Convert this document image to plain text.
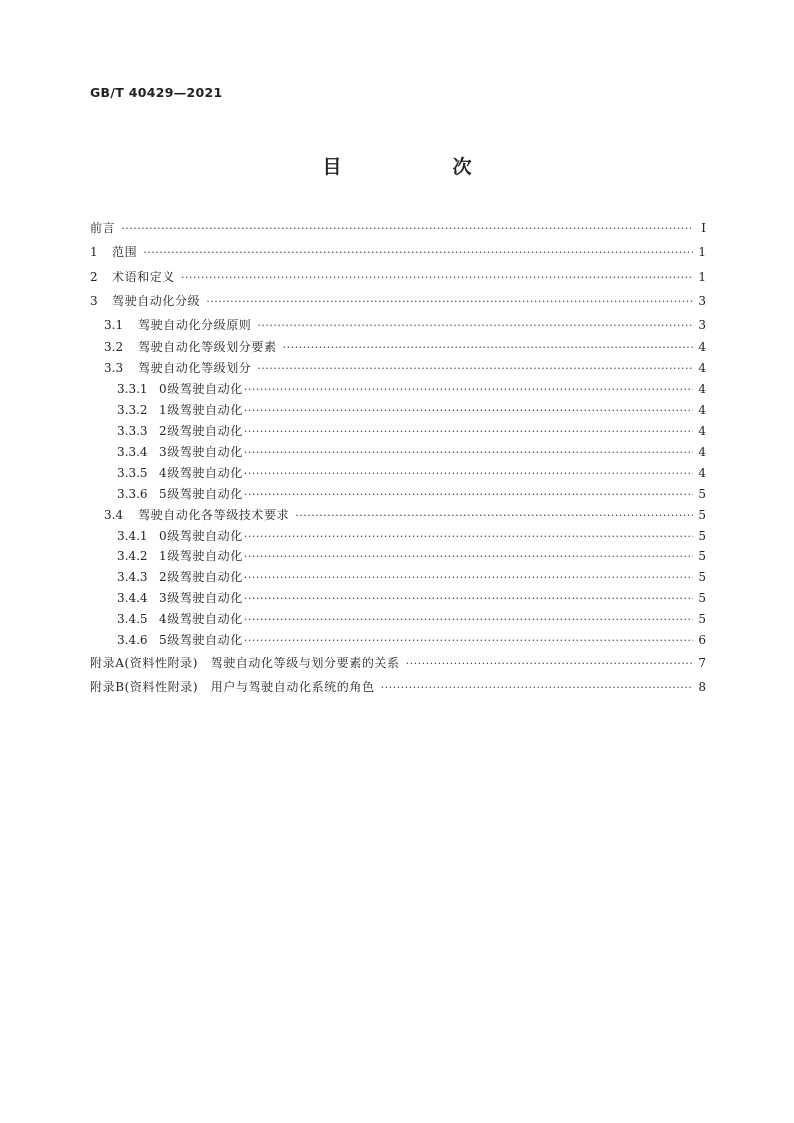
GB/T 40429—2021
目　次
前言 ·····	Ⅰ
1	范围 ·····	1
2	术语和定义 ·····	1
3	驾驶自动化分级 ·····	3
3.1	驾驶自动化分级原则 ·····	3
3.2	驾驶自动化等级划分要素 ·····	4
3.3	驾驶自动化等级划分 ·····	4
3.3.1 0级驾驶自动化 ·····	4
3.3.2 1级驾驶自动化 ·····	4
3.3.3 2级驾驶自动化 ·····	4
3.3.4 3级驾驶自动化 ·····	4
3.3.5 4级驾驶自动化 ·····	4
3.3.6 5级驾驶自动化 ·····	5
3.4	驾驶自动化各等级技术要求 ·····	5
3.4.1 0级驾驶自动化 ·····	5
3.4.2 1级驾驶自动化 ·····	5
3.4.3 2级驾驶自动化 ·····	5
3.4.4 3级驾驶自动化 ·····	5
3.4.5 4级驾驶自动化 ·····	5
3.4.6 5级驾驶自动化 ·····	6
附录A(资料性附录)　驾驶自动化等级与划分要素的关系 ·····	7
附录B(资料性附录)　用户与驾驶自动化系统的角色 ·····	8
